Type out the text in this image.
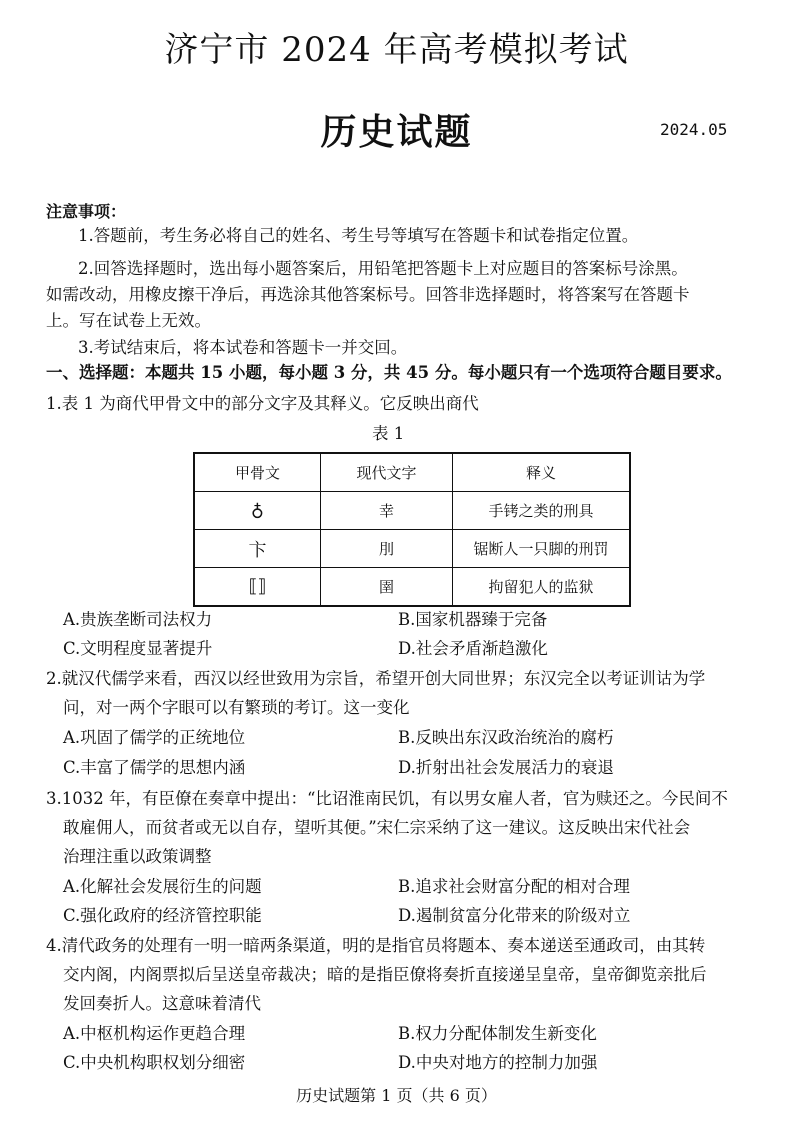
济宁市 2024 年高考模拟考试
历史试题	2024.05
注意事项：
1.答题前，考生务必将自己的姓名、考生号等填写在答题卡和试卷指定位置。
2.回答选择题时，选出每小题答案后，用铅笔把答题卡上对应题目的答案标号涂黑。
如需改动，用橡皮擦干净后，再选涂其他答案标号。回答非选择题时，将答案写在答题卡
上。写在试卷上无效。
3.考试结束后，将本试卷和答题卡一并交回。
一、选择题：本题共 15 小题，每小题 3 分，共 45 分。每小题只有一个选项符合题目要求。
1.表 1 为商代甲骨文中的部分文字及其释义。它反映出商代
表 1
甲骨文	现代文字	释义
♁	幸	手铐之类的刑具
卞	刖	锯断人一只脚的刑罚
⟦⟧	圉	拘留犯人的监狱
A.贵族垄断司法权力	B.国家机器臻于完备
C.文明程度显著提升	D.社会矛盾渐趋激化
2.就汉代儒学来看，西汉以经世致用为宗旨，希望开创大同世界；东汉完全以考证训诂为学
问，对一两个字眼可以有繁琐的考订。这一变化
A.巩固了儒学的正统地位	B.反映出东汉政治统治的腐朽
C.丰富了儒学的思想内涵	D.折射出社会发展活力的衰退
3.1032 年，有臣僚在奏章中提出：“比诏淮南民饥，有以男女雇人者，官为赎还之。今民间不
敢雇佣人，而贫者或无以自存，望听其便。”宋仁宗采纳了这一建议。这反映出宋代社会
治理注重以政策调整
A.化解社会发展衍生的问题	B.追求社会财富分配的相对合理
C.强化政府的经济管控职能	D.遏制贫富分化带来的阶级对立
4.清代政务的处理有一明一暗两条渠道，明的是指官员将题本、奏本递送至通政司，由其转
交内阁，内阁票拟后呈送皇帝裁决；暗的是指臣僚将奏折直接递呈皇帝，皇帝御览亲批后
发回奏折人。这意味着清代
A.中枢机构运作更趋合理	B.权力分配体制发生新变化
C.中央机构职权划分细密	D.中央对地方的控制力加强
历史试题第 1 页（共 6 页）
